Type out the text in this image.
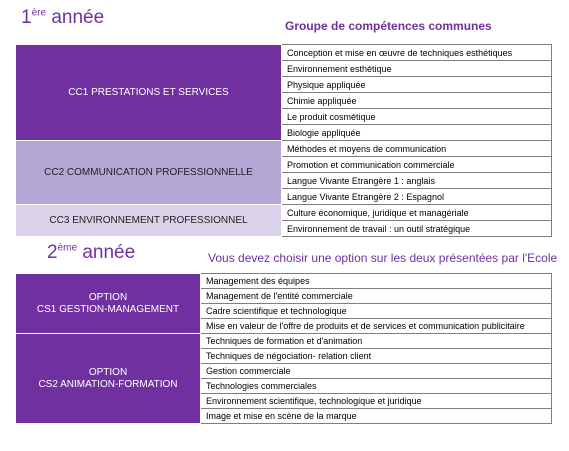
1ère année	Groupe de compétences communes
CC1 PRESTATIONS ET SERVICES	Conception et mise en œuvre de techniques esthétiques
	Environnement esthétique
	Physique appliquée
	Chimie appliquée
	Le produit cosmétique
	Biologie appliquée
CC2 COMMUNICATION PROFESSIONNELLE	Méthodes et moyens de communication
	Promotion et communication commerciale
	Langue Vivante Etrangère 1 : anglais
	Langue Vivante Etrangère 2 : Espagnol
CC3 ENVIRONNEMENT PROFESSIONNEL	Culture économique, juridique et managériale
	Environnement de travail : un outil stratégique
2ème année	Vous devez choisir une option sur les deux présentées par l'Ecole
OPTION
CS1 GESTION-MANAGEMENT	Management des équipes
	Management de l'entité commerciale
	Cadre scientifique et technologique
	Mise en valeur de l'offre de produits et de services et communication publicitaire

OPTION
CS2 ANIMATION-FORMATION	Techniques de formation et d'animation
	Techniques de négociation- relation client
	Gestion commerciale
	Technologies commerciales
	Environnement scientifique, technologique et juridique
	Image et mise en scène de la marque
